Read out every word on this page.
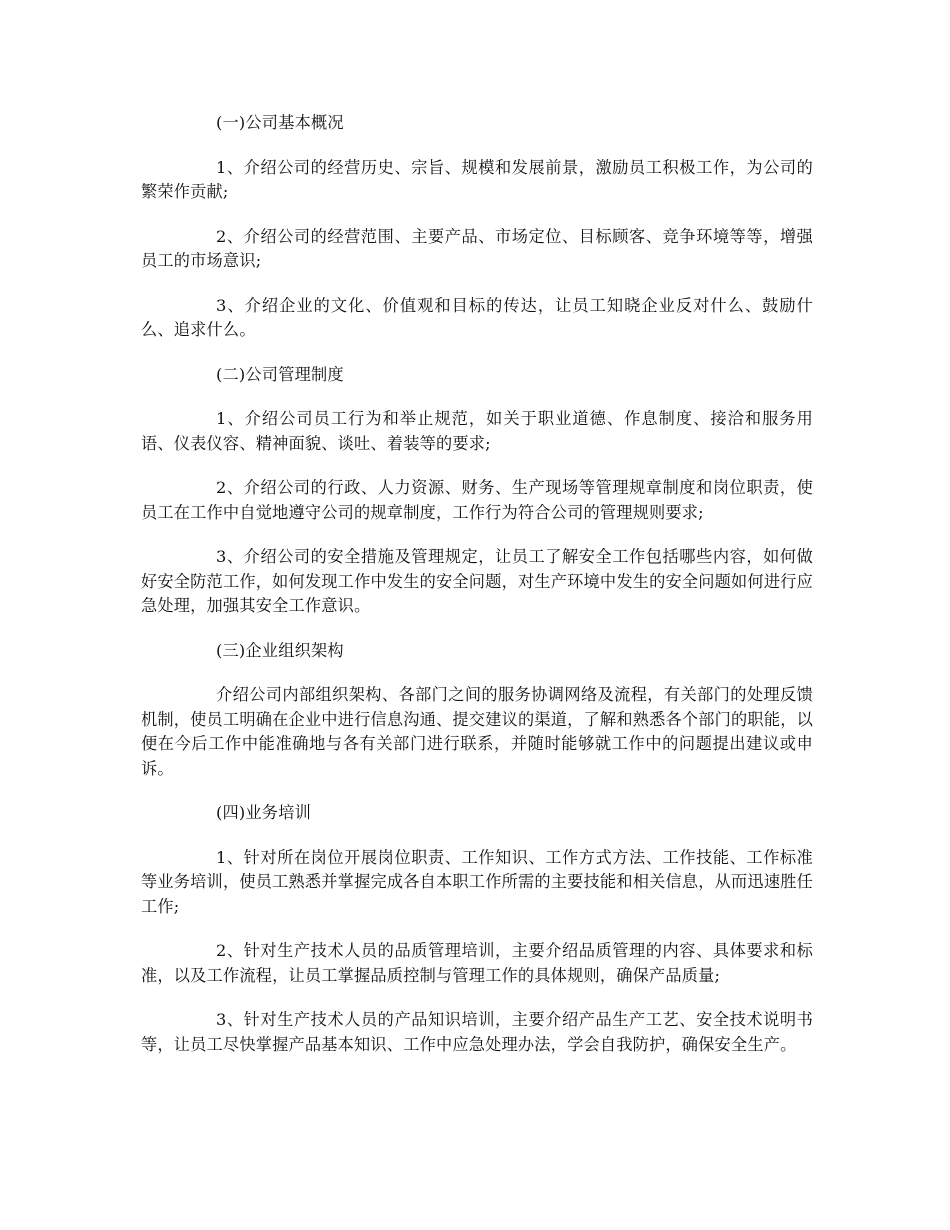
(一)公司基本概况

1、介绍公司的经营历史、宗旨、规模和发展前景，激励员工积极工作，为公司的繁荣作贡献;

2、介绍公司的经营范围、主要产品、市场定位、目标顾客、竞争环境等等，增强员工的市场意识;

3、介绍企业的文化、价值观和目标的传达，让员工知晓企业反对什么、鼓励什么、追求什么。

(二)公司管理制度

1、介绍公司员工行为和举止规范，如关于职业道德、作息制度、接洽和服务用语、仪表仪容、精神面貌、谈吐、着装等的要求;

2、介绍公司的行政、人力资源、财务、生产现场等管理规章制度和岗位职责，使员工在工作中自觉地遵守公司的规章制度，工作行为符合公司的管理规则要求;

3、介绍公司的安全措施及管理规定，让员工了解安全工作包括哪些内容，如何做好安全防范工作，如何发现工作中发生的安全问题，对生产环境中发生的安全问题如何进行应急处理，加强其安全工作意识。

(三)企业组织架构

介绍公司内部组织架构、各部门之间的服务协调网络及流程，有关部门的处理反馈机制，使员工明确在企业中进行信息沟通、提交建议的渠道，了解和熟悉各个部门的职能，以便在今后工作中能准确地与各有关部门进行联系，并随时能够就工作中的问题提出建议或申诉。

(四)业务培训

1、针对所在岗位开展岗位职责、工作知识、工作方式方法、工作技能、工作标准等业务培训，使员工熟悉并掌握完成各自本职工作所需的主要技能和相关信息，从而迅速胜任工作;

2、针对生产技术人员的品质管理培训，主要介绍品质管理的内容、具体要求和标准，以及工作流程，让员工掌握品质控制与管理工作的具体规则，确保产品质量;

3、针对生产技术人员的产品知识培训，主要介绍产品生产工艺、安全技术说明书等，让员工尽快掌握产品基本知识、工作中应急处理办法，学会自我防护，确保安全生产。
